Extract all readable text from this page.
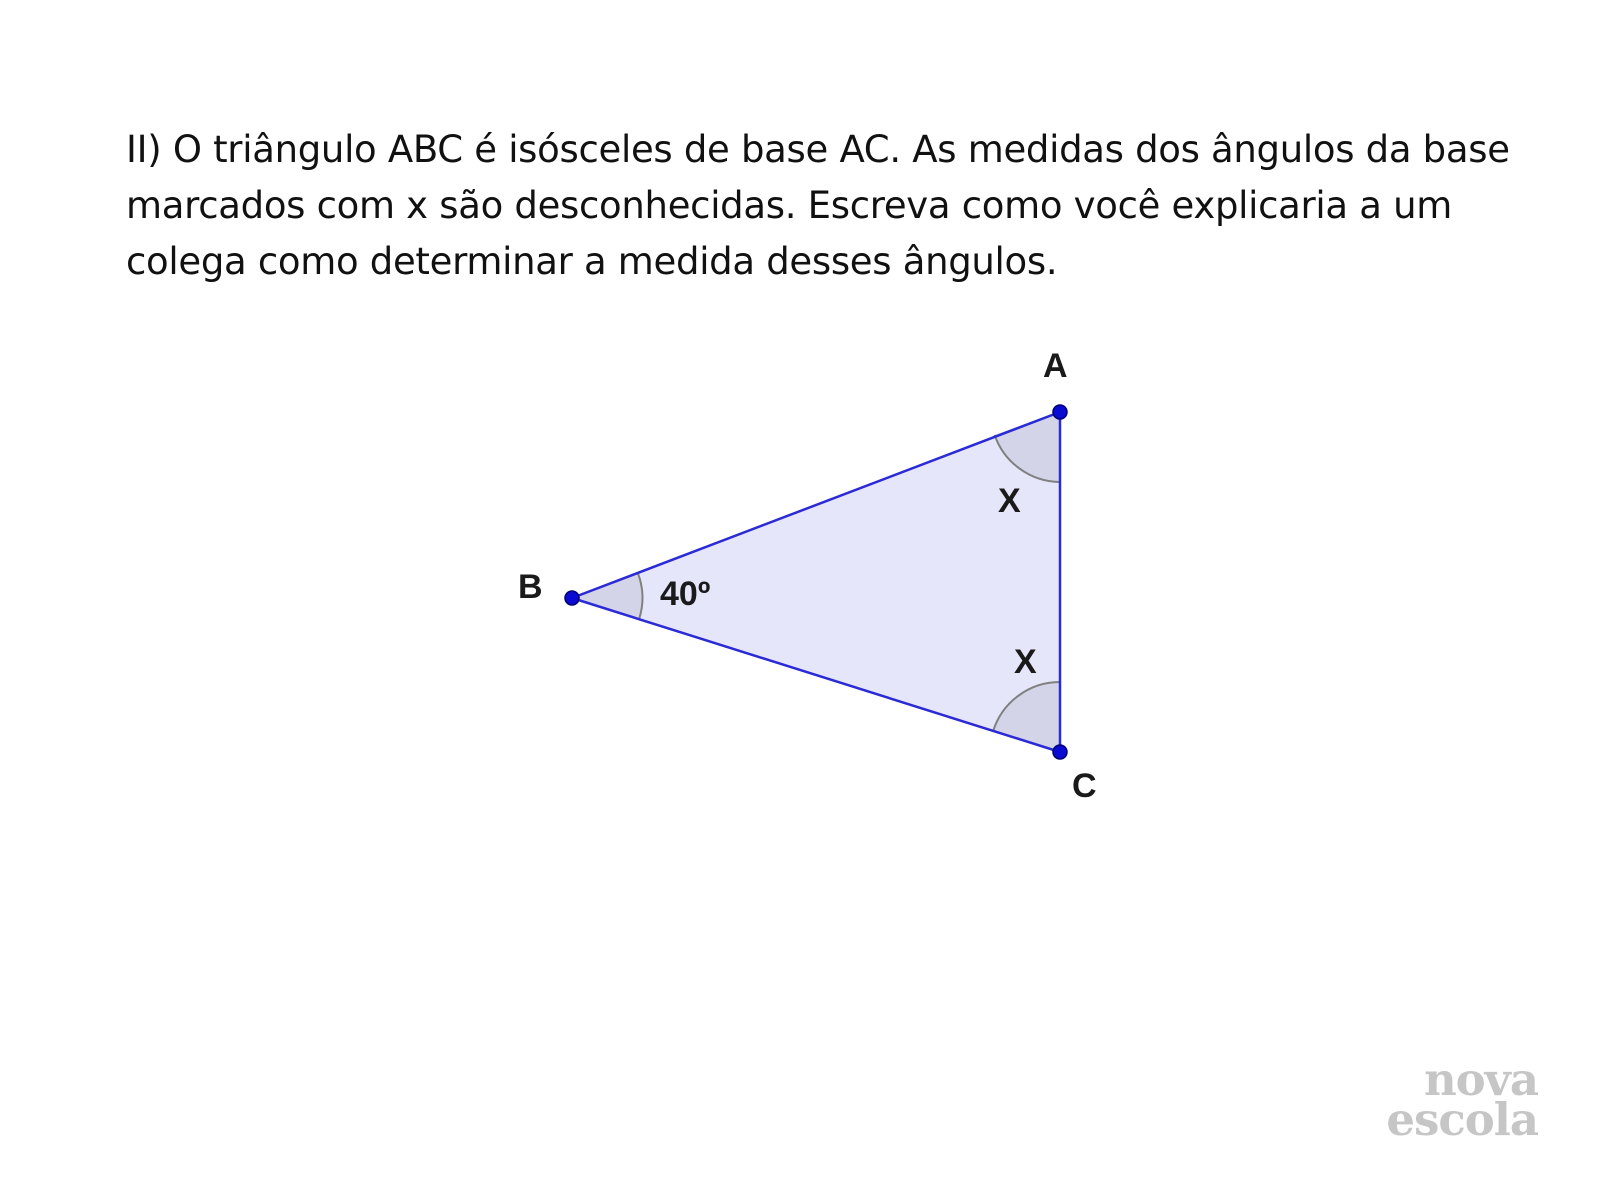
II) O triângulo ABC é isósceles de base AC. As medidas dos ângulos da base
marcados com x são desconhecidas. Escreva como você explicaria a um
colega como determinar a medida desses ângulos.

A
B
C
40º
X
X
nova
escola
